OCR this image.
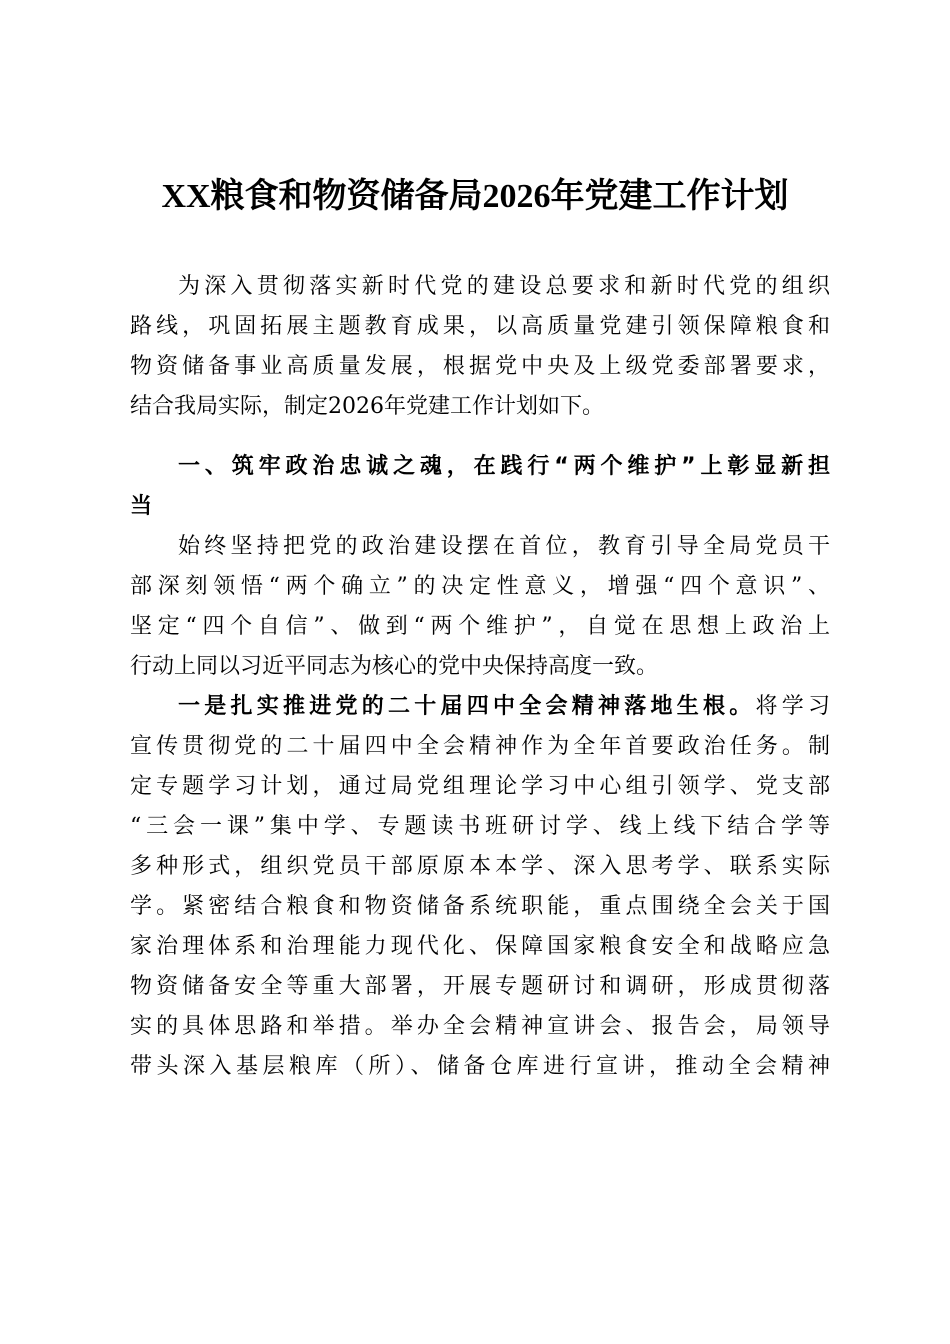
XX粮食和物资储备局2026年党建工作计划
为深入贯彻落实新时代党的建设总要求和新时代党的组织
路线，巩固拓展主题教育成果，以高质量党建引领保障粮食和
物资储备事业高质量发展，根据党中央及上级党委部署要求，
结合我局实际，制定2026年党建工作计划如下。
一、筑牢政治忠诚之魂，在践行“两个维护”上彰显新担
当
始终坚持把党的政治建设摆在首位，教育引导全局党员干
部深刻领悟“两个确立”的决定性意义，增强“四个意识”、
坚定“四个自信”、做到“两个维护”，自觉在思想上政治上
行动上同以习近平同志为核心的党中央保持高度一致。
一是扎实推进党的二十届四中全会精神落地生根。将学习
宣传贯彻党的二十届四中全会精神作为全年首要政治任务。制
定专题学习计划，通过局党组理论学习中心组引领学、党支部
“三会一课”集中学、专题读书班研讨学、线上线下结合学等
多种形式，组织党员干部原原本本学、深入思考学、联系实际
学。紧密结合粮食和物资储备系统职能，重点围绕全会关于国
家治理体系和治理能力现代化、保障国家粮食安全和战略应急
物资储备安全等重大部署，开展专题研讨和调研，形成贯彻落
实的具体思路和举措。举办全会精神宣讲会、报告会，局领导
带头深入基层粮库（所）、储备仓库进行宣讲，推动全会精神
